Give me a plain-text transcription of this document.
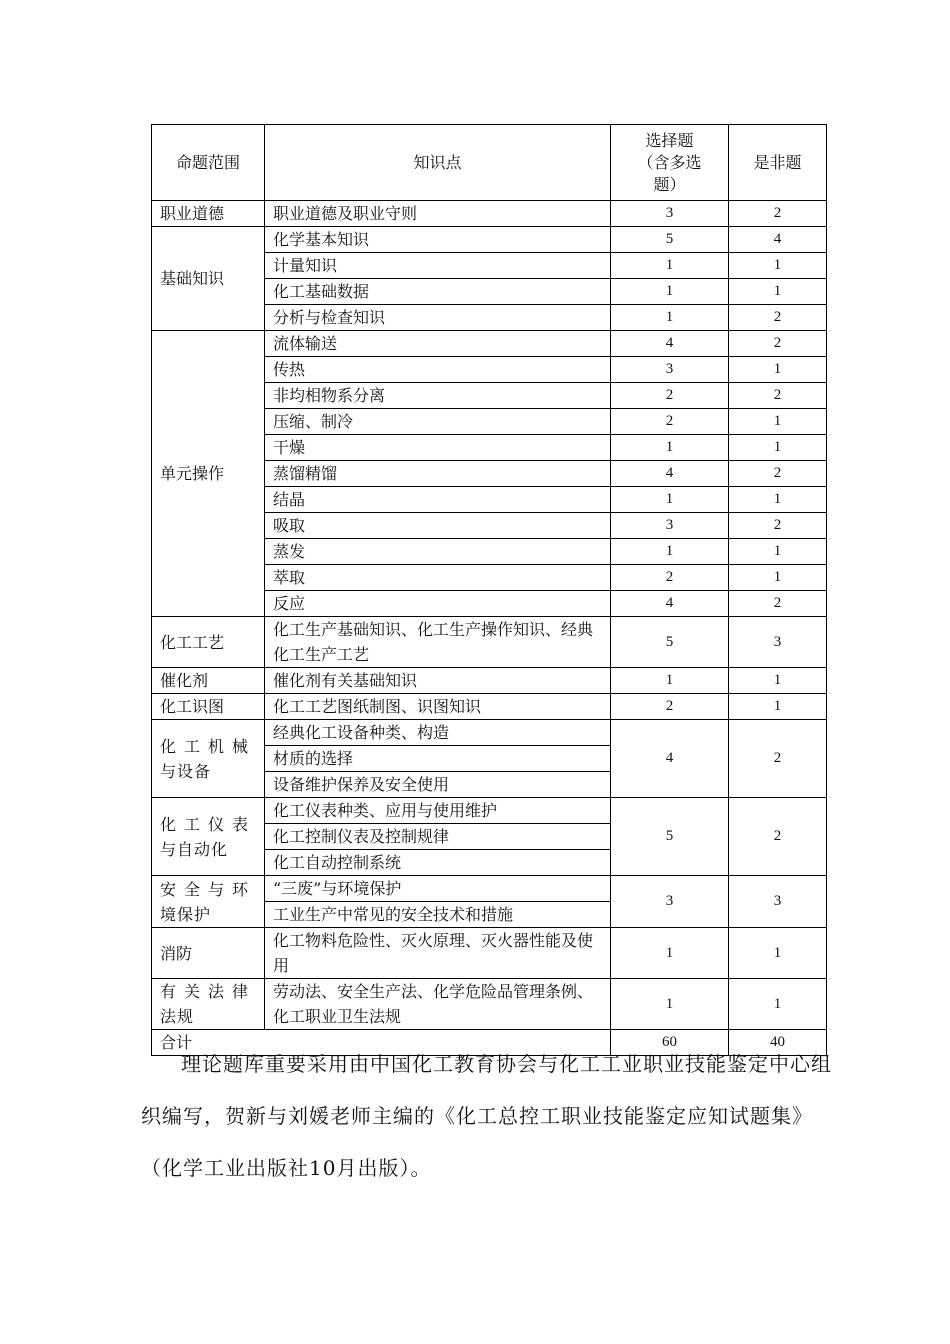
命题范围	知识点	选择题
（含多选
题）	是非题

职业道德	职业道德及职业守则	3	2

基础知识	化学基本知识	5	4
	计量知识	1	1
	化工基础数据	1	1
	分析与检查知识	1	2

单元操作	流体输送	4	2
	传热	3	1
	非均相物系分离	2	2
	压缩、制冷	2	1
	干燥	1	1
	蒸馏精馏	4	2
	结晶	1	1
	吸取	3	2
	蒸发	1	1
	萃取	2	1
	反应	4	2

化工工艺	化工生产基础知识、化工生产操作知识、经典化工生产工艺	5	3

催化剂	催化剂有关基础知识	1	1

化工识图	化工工艺图纸制图、识图知识	2	1

化工机械
与设备	经典化工设备种类、构造	4	2
	材质的选择		
	设备维护保养及安全使用		

化工仪表
与自动化	化工仪表种类、应用与使用维护	5	2
	化工控制仪表及控制规律		
	化工自动控制系统		

安全与环
境保护	“三废”与环境保护	3	3
	工业生产中常见的安全技术和措施		

消防	化工物料危险性、灭火原理、灭火器性能及使用	1	1

有关法律
法规	劳动法、安全生产法、化学危险品管理条例、化工职业卫生法规	1	1
合计		60	40

理论题库重要采用由中国化工教育协会与化工工业职业技能鉴定中心组织编写，贺新与刘媛老师主编的《化工总控工职业技能鉴定应知试题集》（化学工业出版社10月出版）。
